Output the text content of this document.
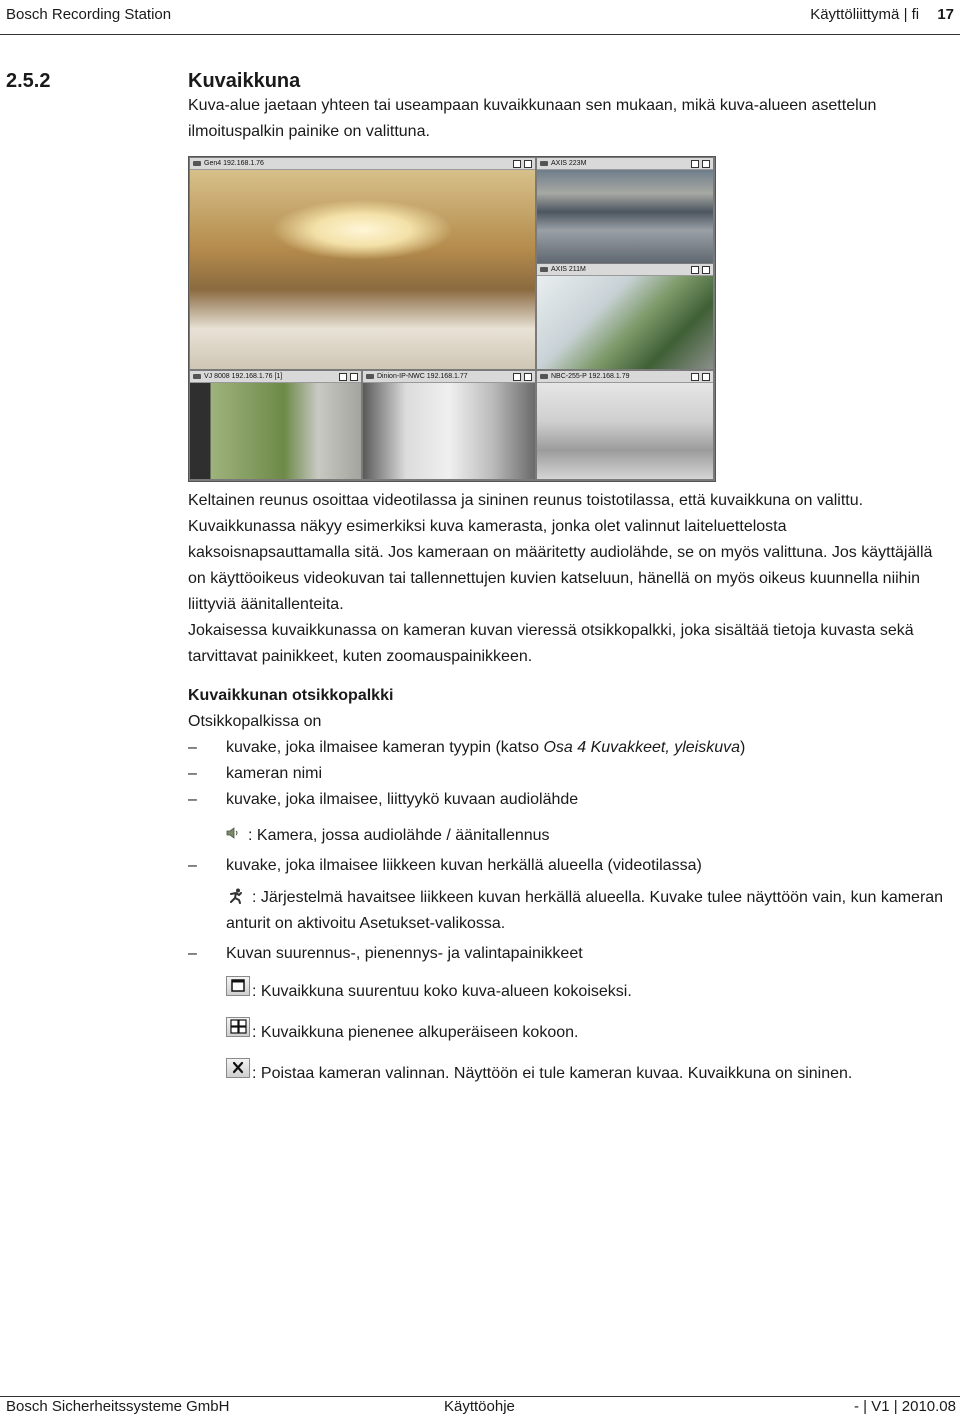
Bosch Recording Station	Käyttöliittymä | fi 17
2.5.2	Kuvaikkuna
Kuva-alue jaetaan yhteen tai useampaan kuvaikkunaan sen mukaan, mikä kuva-alueen asettelun ilmoituspalkin painike on valittuna.
Gen4 192.168.1.76	AXIS 223M
AXIS 211M
VJ 8008 192.168.1.76 [1]	Dinion-IP-NWC 192.168.1.77	NBC-255-P 192.168.1.79
Keltainen reunus osoittaa videotilassa ja sininen reunus toistotilassa, että kuvaikkuna on valittu. Kuvaikkunassa näkyy esimerkiksi kuva kamerasta, jonka olet valinnut laiteluettelosta kaksoisnapsauttamalla sitä. Jos kameraan on määritetty audiolähde, se on myös valittuna. Jos käyttäjällä on käyttöoikeus videokuvan tai tallennettujen kuvien katseluun, hänellä on myös oikeus kuunnella niihin liittyviä äänitallenteita.
Jokaisessa kuvaikkunassa on kameran kuvan vieressä otsikkopalkki, joka sisältää tietoja kuvasta sekä tarvittavat painikkeet, kuten zoomauspainikkeen.
Kuvaikkunan otsikkopalkki
Otsikkopalkissa on
–	kuvake, joka ilmaisee kameran tyypin (katso Osa 4 Kuvakkeet, yleiskuva)
–	kameran nimi
–	kuvake, joka ilmaisee, liittyykö kuvaan audiolähde
: Kamera, jossa audiolähde / äänitallennus
–	kuvake, joka ilmaisee liikkeen kuvan herkällä alueella (videotilassa)
: Järjestelmä havaitsee liikkeen kuvan herkällä alueella. Kuvake tulee näyttöön vain, kun kameran anturit on aktivoitu Asetukset-valikossa.
–	Kuvan suurennus-, pienennys- ja valintapainikkeet
: Kuvaikkuna suurentuu koko kuva-alueen kokoiseksi.
: Kuvaikkuna pienenee alkuperäiseen kokoon.
: Poistaa kameran valinnan. Näyttöön ei tule kameran kuvaa. Kuvaikkuna on sininen.
Bosch Sicherheitssysteme GmbH	Käyttöohje	- | V1 | 2010.08
